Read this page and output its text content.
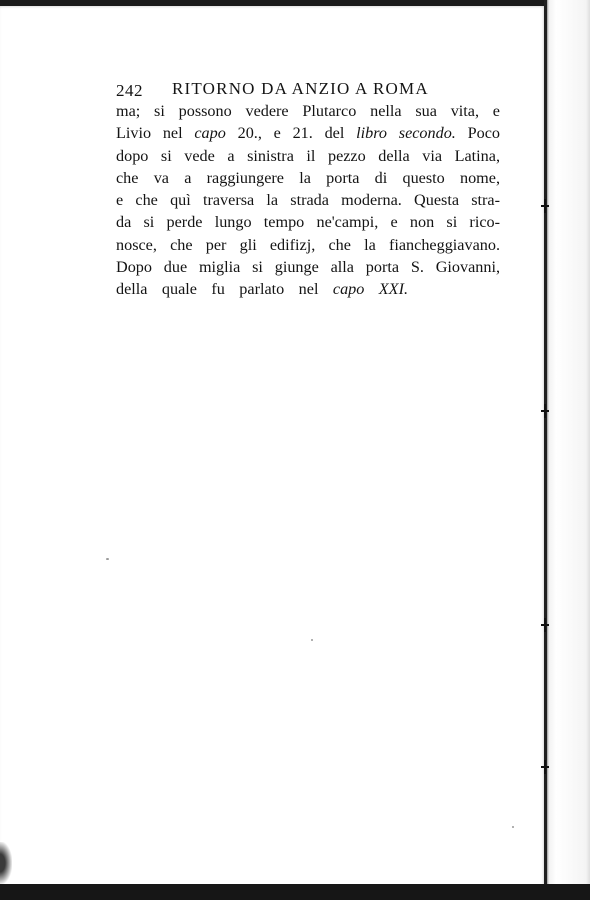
242 RITORNO DA ANZIO A ROMA
ma; si possono vedere Plutarco nella sua vita, e
Livio nel capo 20., e 21. del libro secondo. Poco
dopo si vede a sinistra il pezzo della via Latina,
che va a raggiungere la porta di questo nome,
e che quì traversa la strada moderna. Questa stra-
da si perde lungo tempo ne'campi, e non si rico-
nosce, che per gli edifizj, che la fiancheggiavano.
Dopo due miglia si giunge alla porta S. Giovanni,
della quale fu parlato nel capo XXI.
